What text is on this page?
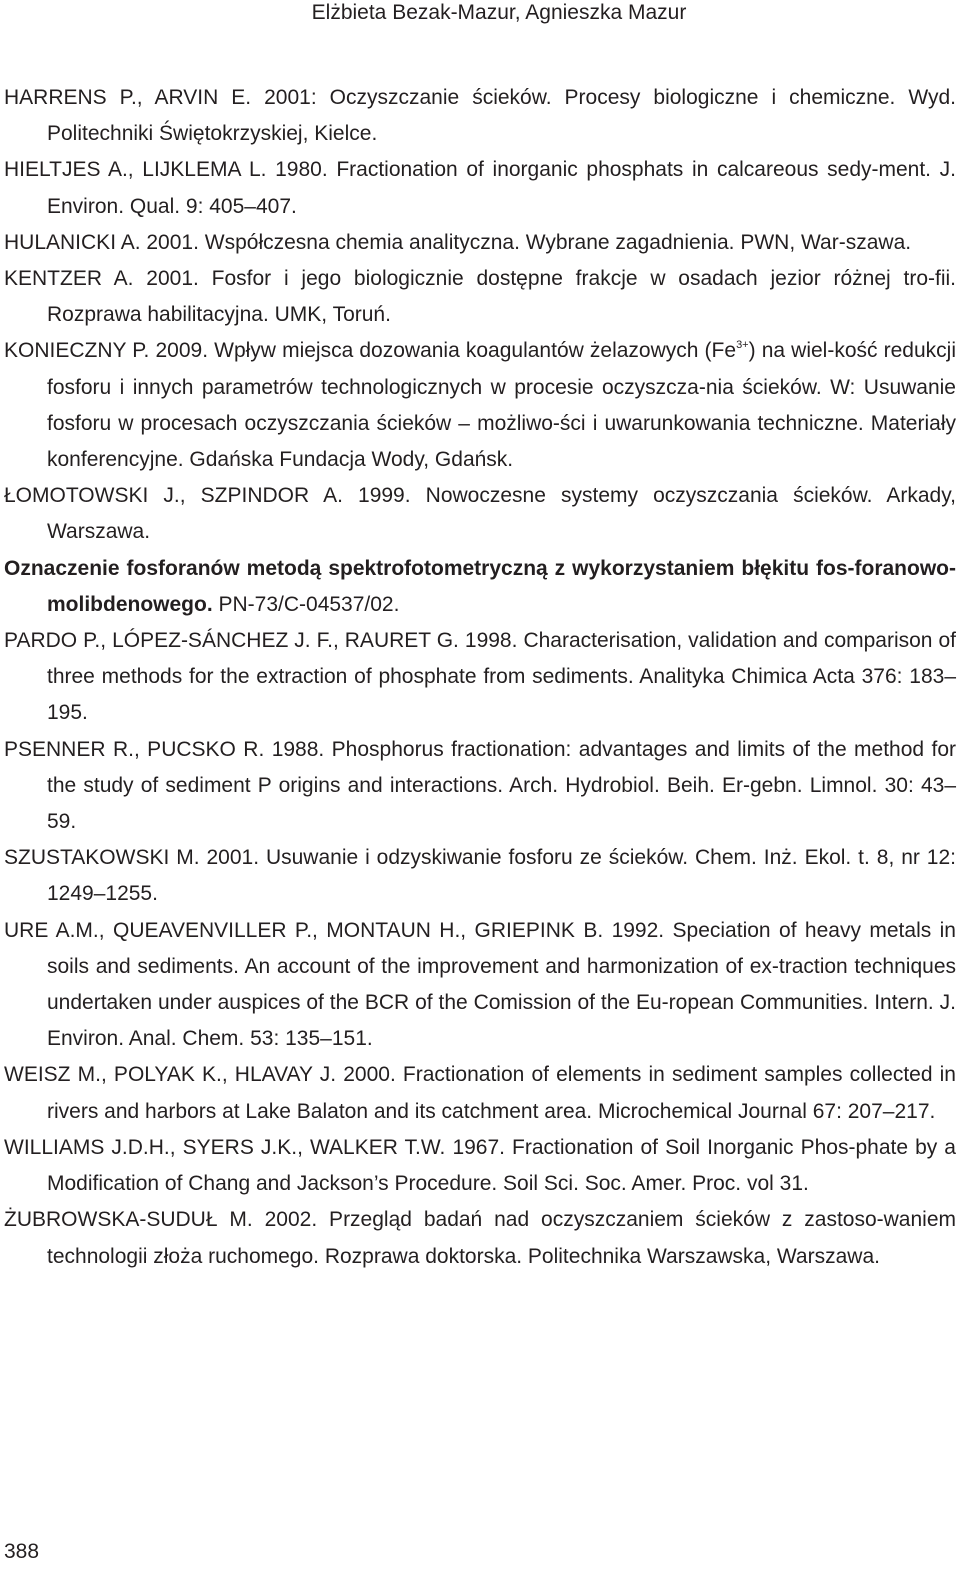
Elżbieta Bezak-Mazur, Agnieszka Mazur
HARRENS P., ARVIN E. 2001: Oczyszczanie ścieków. Procesy biologiczne i chemiczne. Wyd. Politechniki Świętokrzyskiej, Kielce.
HIELTJES A., LIJKLEMA L. 1980. Fractionation of inorganic phosphats in calcareous sedy-ment. J. Environ. Qual. 9: 405–407.
HULANICKI A. 2001. Współczesna chemia analityczna. Wybrane zagadnienia. PWN, War-szawa.
KENTZER A. 2001. Fosfor i jego biologicznie dostępne frakcje w osadach jezior różnej tro-fii. Rozprawa habilitacyjna. UMK, Toruń.
KONIECZNY P. 2009. Wpływ miejsca dozowania koagulantów żelazowych $(Fe^{3+})$ na wiel-kość redukcji fosforu i innych parametrów technologicznych w procesie oczyszcza-nia ścieków. W: Usuwanie fosforu w procesach oczyszczania ścieków – możliwo-ści i uwarunkowania techniczne. Materiały konferencyjne. Gdańska Fundacja Wody, Gdańsk.
ŁOMOTOWSKI J., SZPINDOR A. 1999. Nowoczesne systemy oczyszczania ścieków. Arkady, Warszawa.
Oznaczenie fosforanów metodą spektrofotometryczną z wykorzystaniem błękitu fos-foranowo-molibdenowego. PN-73/C-04537/02.
PARDO P., LÓPEZ-SÁNCHEZ J. F., RAURET G. 1998. Characterisation, validation and comparison of three methods for the extraction of phosphate from sediments. Analityka Chimica Acta 376: 183–195.
PSENNER R., PUCSKO R. 1988. Phosphorus fractionation: advantages and limits of the method for the study of sediment P origins and interactions. Arch. Hydrobiol. Beih. Er-gebn. Limnol. 30: 43–59.
SZUSTAKOWSKI M. 2001. Usuwanie i odzyskiwanie fosforu ze ścieków. Chem. Inż. Ekol. t. 8, nr 12: 1249–1255.
URE A.M., QUEAVENVILLER P., MONTAUN H., GRIEPINK B. 1992. Speciation of heavy metals in soils and sediments. An account of the improvement and harmonization of ex-traction techniques undertaken under auspices of the BCR of the Comission of the Eu-ropean Communities. Intern. J. Environ. Anal. Chem. 53: 135–151.
WEISZ M., POLYAK K., HLAVAY J. 2000. Fractionation of elements in sediment samples collected in rivers and harbors at Lake Balaton and its catchment area. Microchemical Journal 67: 207–217.
WILLIAMS J.D.H., SYERS J.K., WALKER T.W. 1967. Fractionation of Soil Inorganic Phos-phate by a Modification of Chang and Jackson’s Procedure. Soil Sci. Soc. Amer. Proc. vol 31.
ŻUBROWSKA-SUDUŁ M. 2002. Przegląd badań nad oczyszczaniem ścieków z zastoso-waniem technologii złoża ruchomego. Rozprawa doktorska. Politechnika Warszawska, Warszawa.
388
